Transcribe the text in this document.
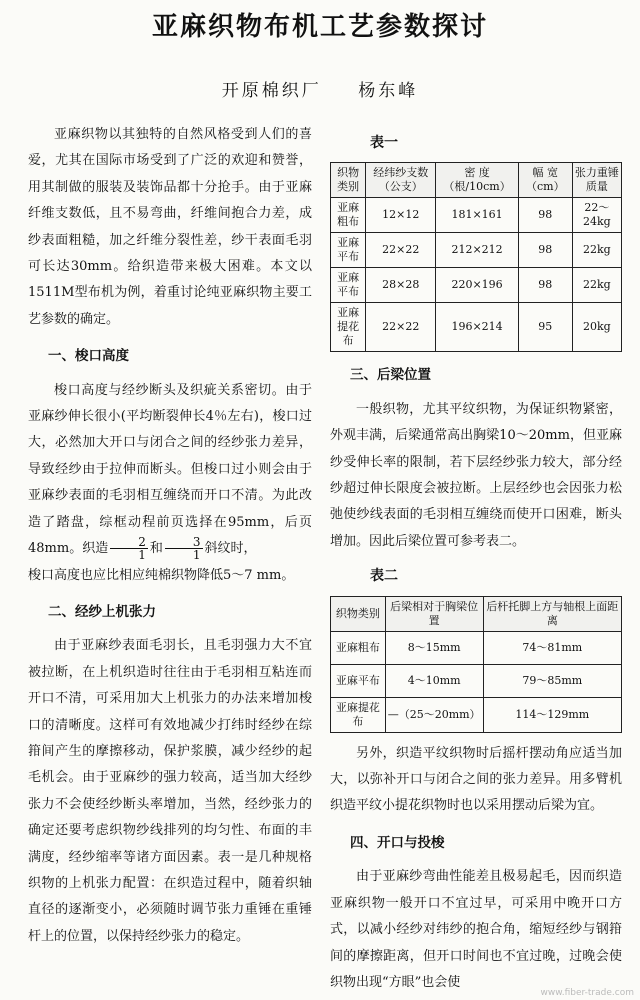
亚麻织物布机工艺参数探讨
开原棉织厂 杨东峰

亚麻织物以其独特的自然风格受到人们的喜爱，尤其在国际市场受到了广泛的欢迎和赞誉，用其制做的服装及装饰品都十分抢手。由于亚麻纤维支数低，且不易弯曲，纤维间抱合力差，成纱表面粗糙，加之纤维分裂性差，纱干表面毛羽可长达30mm。给织造带来极大困难。本文以1511M型布机为例，着重讨论纯亚麻织物主要工艺参数的确定。

一、梭口高度

梭口高度与经纱断头及织疵关系密切。由于亚麻纱伸长很小(平均断裂伸长4％左右)，梭口过大，必然加大开口与闭合之间的经纱张力差异，导致经纱由于拉伸而断头。但梭口过小则会由于亚麻纱表面的毛羽相互缠绕而开口不清。为此改造了踏盘，综框动程前页选择在95mm，后页48mm。织造 $\frac{2}{1}$ 和 $\frac{3}{1}$ 斜纹时，

梭口高度也应比相应纯棉织物降低5～7 mm。

二、经纱上机张力

由于亚麻纱表面毛羽长，且毛羽强力大不宜被拉断，在上机织造时往往由于毛羽相互粘连而开口不清，可采用加大上机张力的办法来增加梭口的清晰度。这样可有效地减少打纬时经纱在综箝间产生的摩擦移动，保护浆膜，减少经纱的起毛机会。由于亚麻纱的强力较高，适当加大经纱张力不会使经纱断头率增加，当然，经纱张力的确定还要考虑织物纱线排列的均匀性、布面的丰满度，经纱缩率等诸方面因素。表一是几种规格织物的上机张力配置：在织造过程中，随着织轴直径的逐渐变小，必须随时调节张力重锤在重锤杆上的位置，以保持经纱张力的稳定。

表一
织物类别	经纬纱支数（公支）	密 度（根/10cm）	幅 宽（cm）	张力重锤质量
亚麻粗布	12×12	181×161	98	22～24kg
亚麻平布	22×22	212×212	98	22kg
亚麻平布	28×28	220×196	98	22kg
亚麻提花布	22×22	196×214	95	20kg
三、后梁位置

一般织物，尤其平纹织物，为保证织物紧密，外观丰满，后梁通常高出胸梁10～20mm，但亚麻纱受伸长率的限制，若下层经纱张力较大，部分经纱超过伸长限度会被拉断。上层经纱也会因张力松弛使纱线表面的毛羽相互缠绕而使开口困难，断头增加。因此后梁位置可参考表二。

表二
织物类别	后梁相对于胸梁位置	后杆托脚上方与轴根上面距离
亚麻粗布	8～15mm	74～81mm
亚麻平布	4～10mm	79～85mm
亚麻提花布	—（25～20mm）	114～129mm

另外，织造平纹织物时后摇杆摆动角应适当加大，以弥补开口与闭合之间的张力差异。用多臂机织造平纹小提花织物时也以采用摆动后梁为宜。

四、开口与投梭

由于亚麻纱弯曲性能差且极易起毛，因而织造亚麻织物一般开口不宜过早，可采用中晚开口方式，以减小经纱对纬纱的抱合角，缩短经纱与钢箝间的摩擦距离，但开口时间也不宜过晚，过晚会使织物出现“方眼”也会使

www.fiber-trade.com
